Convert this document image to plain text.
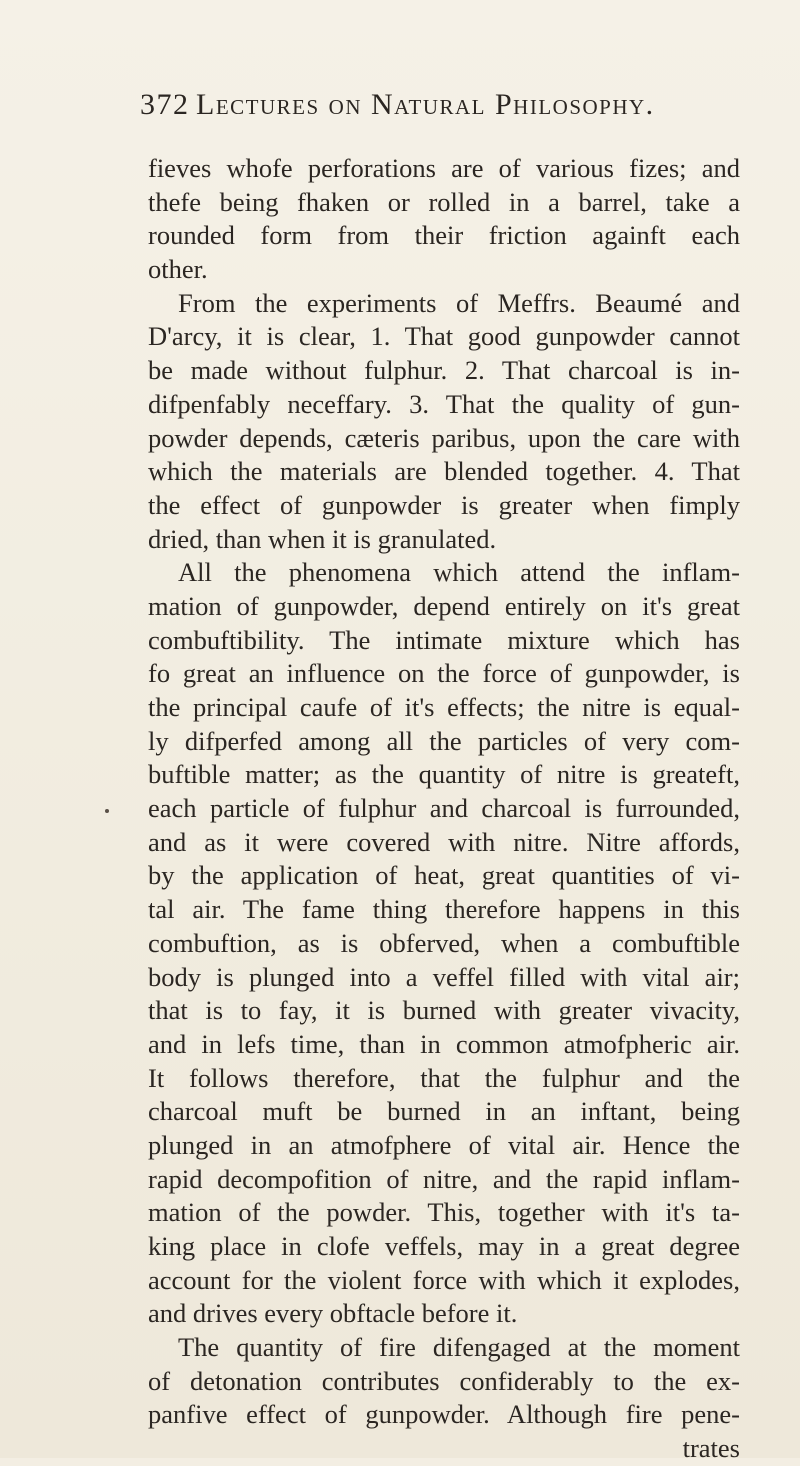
372 Lectures on Natural Philosophy.
fieves whofe perforations are of various fizes; and
thefe being fhaken or rolled in a barrel, take a
rounded form from their friction againft each
other.
From the experiments of Meffrs. Beaumé and
D'arcy, it is clear, 1. That good gunpowder cannot
be made without fulphur. 2. That charcoal is in-
difpenfably neceffary. 3. That the quality of gun-
powder depends, cæteris paribus, upon the care with
which the materials are blended together. 4. That
the effect of gunpowder is greater when fimply
dried, than when it is granulated.
All the phenomena which attend the inflam-
mation of gunpowder, depend entirely on it's great
combuftibility. The intimate mixture which has
fo great an influence on the force of gunpowder, is
the principal caufe of it's effects; the nitre is equal-
ly difperfed among all the particles of very com-
buftible matter; as the quantity of nitre is greateft,
each particle of fulphur and charcoal is furrounded,
and as it were covered with nitre. Nitre affords,
by the application of heat, great quantities of vi-
tal air. The fame thing therefore happens in this
combuftion, as is obferved, when a combuftible
body is plunged into a veffel filled with vital air;
that is to fay, it is burned with greater vivacity,
and in lefs time, than in common atmofpheric air.
It follows therefore, that the fulphur and the
charcoal muft be burned in an inftant, being
plunged in an atmofphere of vital air. Hence the
rapid decompofition of nitre, and the rapid inflam-
mation of the powder. This, together with it's ta-
king place in clofe veffels, may in a great degree
account for the violent force with which it explodes,
and drives every obftacle before it.
The quantity of fire difengaged at the moment
of detonation contributes confiderably to the ex-
panfive effect of gunpowder. Although fire pene-
trates
